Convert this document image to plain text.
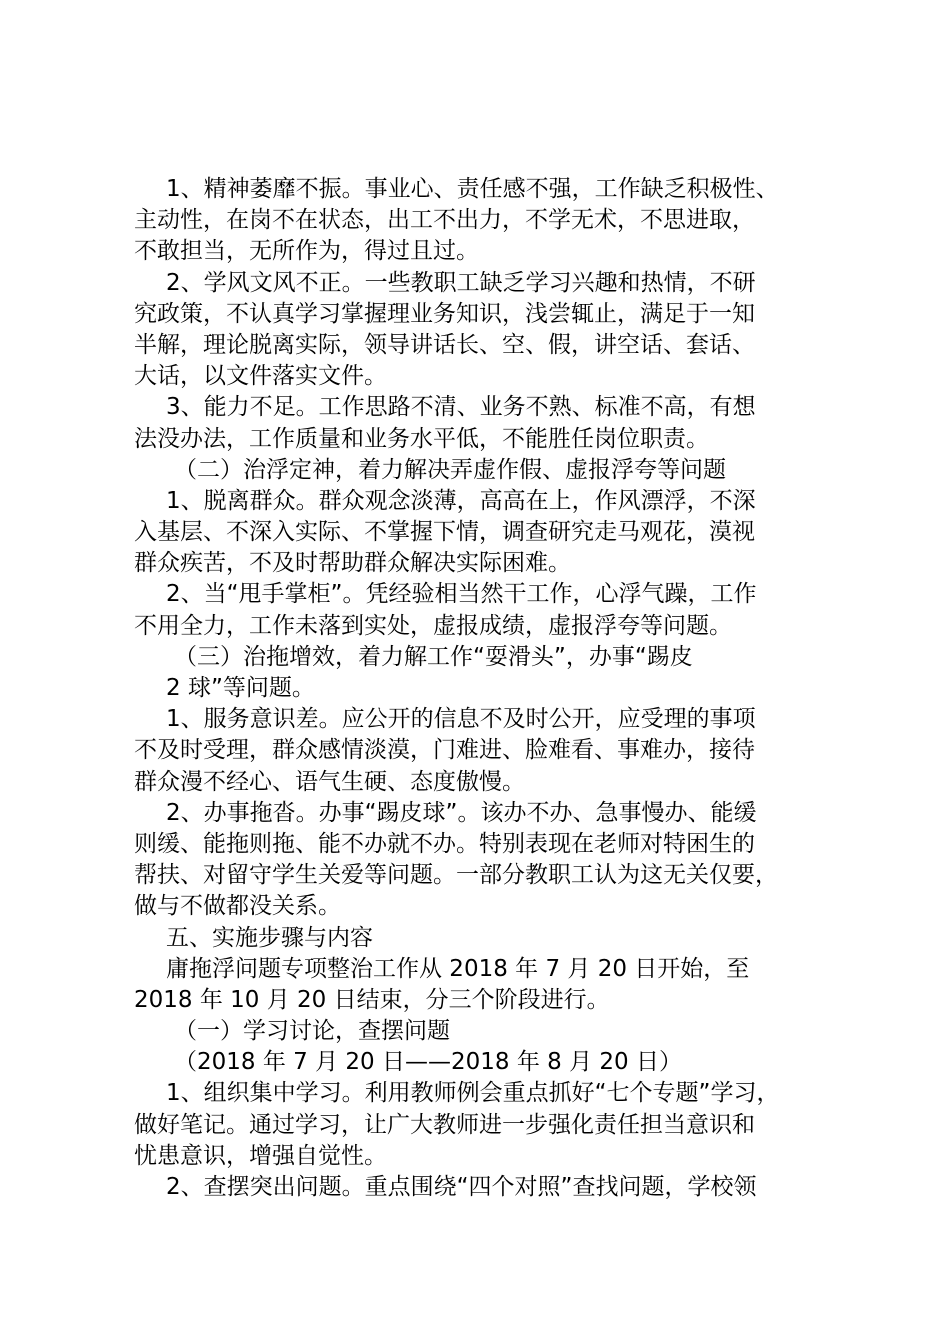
1、精神萎靡不振。事业心、责任感不强，工作缺乏积极性、
主动性，在岗不在状态，出工不出力，不学无术，不思进取，
不敢担当，无所作为，得过且过。
2、学风文风不正。一些教职工缺乏学习兴趣和热情，不研
究政策，不认真学习掌握理业务知识，浅尝辄止，满足于一知
半解，理论脱离实际，领导讲话长、空、假，讲空话、套话、
大话，以文件落实文件。
3、能力不足。工作思路不清、业务不熟、标准不高，有想
法没办法，工作质量和业务水平低，不能胜任岗位职责。
（二）治浮定神，着力解决弄虚作假、虚报浮夸等问题
1、脱离群众。群众观念淡薄，高高在上，作风漂浮，不深
入基层、不深入实际、不掌握下情，调查研究走马观花，漠视
群众疾苦，不及时帮助群众解决实际困难。
2、当“甩手掌柜”。凭经验相当然干工作，心浮气躁，工作
不用全力，工作未落到实处，虚报成绩，虚报浮夸等问题。
（三）治拖增效，着力解工作“耍滑头”，办事“踢皮
2 球”等问题。
1、服务意识差。应公开的信息不及时公开，应受理的事项
不及时受理，群众感情淡漠，门难进、脸难看、事难办，接待
群众漫不经心、语气生硬、态度傲慢。
2、办事拖沓。办事“踢皮球”。该办不办、急事慢办、能缓
则缓、能拖则拖、能不办就不办。特别表现在老师对特困生的
帮扶、对留守学生关爱等问题。一部分教职工认为这无关仅要，
做与不做都没关系。
五、实施步骤与内容
庸拖浮问题专项整治工作从 2018 年 7 月 20 日开始，至
2018 年 10 月 20 日结束，分三个阶段进行。
（一）学习讨论，查摆问题
（2018 年 7 月 20 日——2018 年 8 月 20 日）
1、组织集中学习。利用教师例会重点抓好“七个专题”学习，
做好笔记。通过学习，让广大教师进一步强化责任担当意识和
忧患意识，增强自觉性。
2、查摆突出问题。重点围绕“四个对照”查找问题，学校领
